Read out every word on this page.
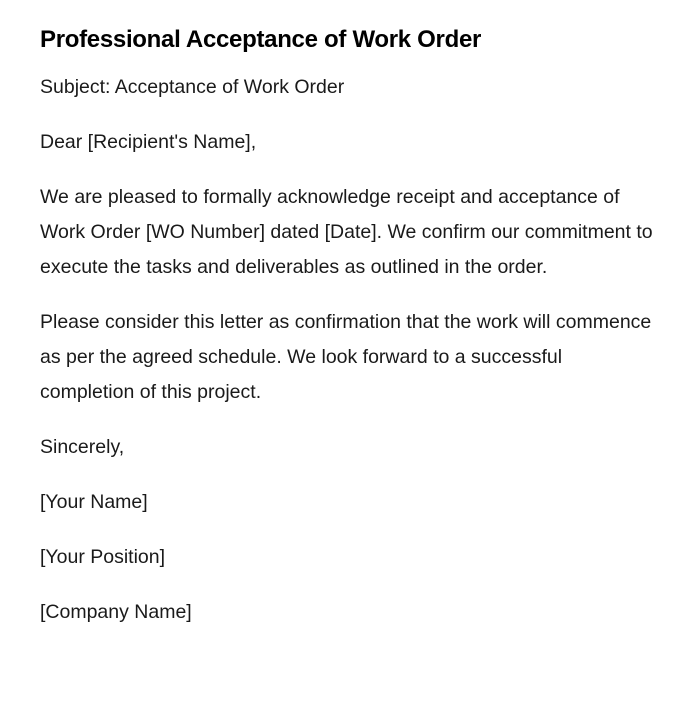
Professional Acceptance of Work Order

Subject: Acceptance of Work Order

Dear [Recipient's Name],

We are pleased to formally acknowledge receipt and acceptance of Work Order [WO Number] dated [Date]. We confirm our commitment to execute the tasks and deliverables as outlined in the order.

Please consider this letter as confirmation that the work will commence as per the agreed schedule. We look forward to a successful completion of this project.

Sincerely,

[Your Name]

[Your Position]

[Company Name]
